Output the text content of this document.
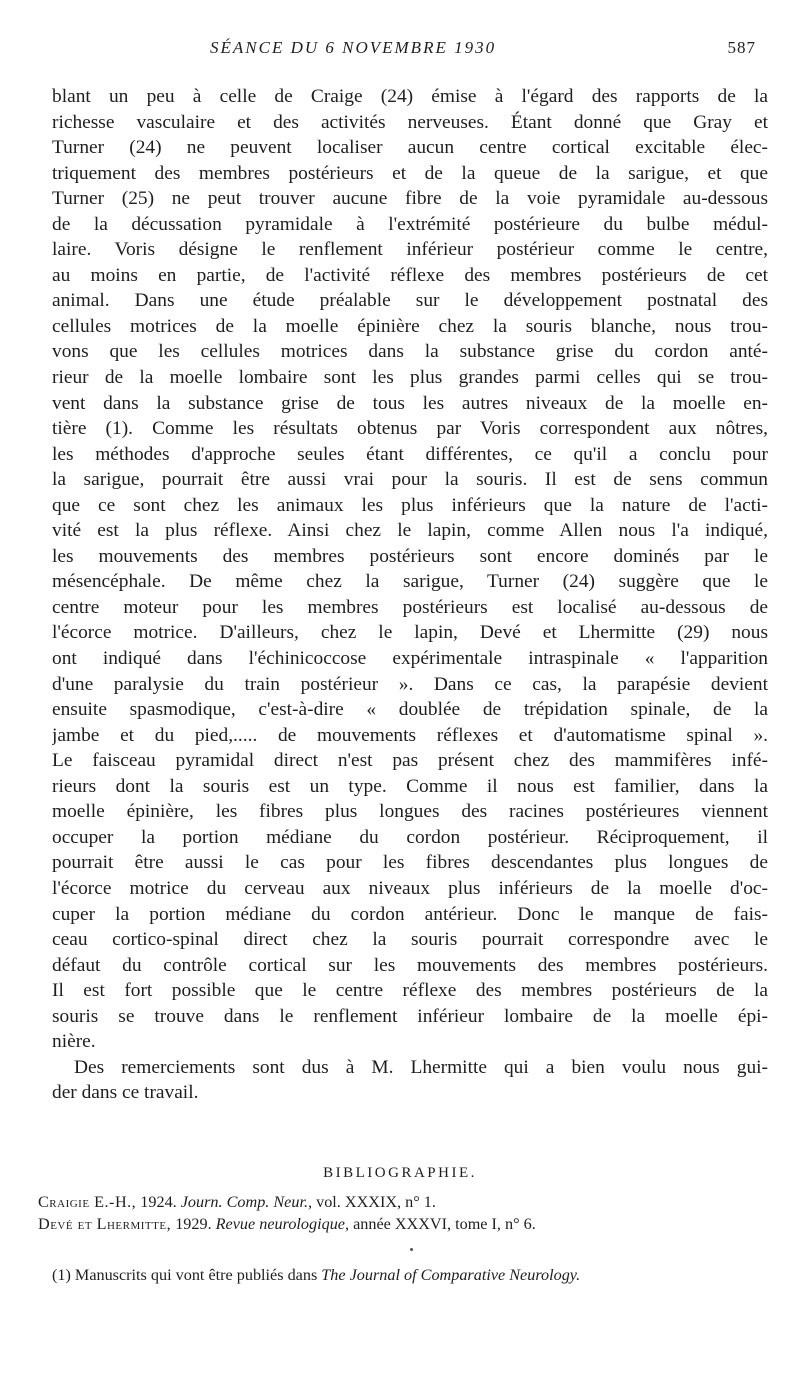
SÉANCE DU 6 NOVEMBRE 1930	587
blant un peu à celle de Craige (24) émise à l'égard des rapports de la
richesse vasculaire et des activités nerveuses. Étant donné que Gray et
Turner (24) ne peuvent localiser aucun centre cortical excitable élec-
triquement des membres postérieurs et de la queue de la sarigue, et que
Turner (25) ne peut trouver aucune fibre de la voie pyramidale au-dessous
de la décussation pyramidale à l'extrémité postérieure du bulbe médul-
laire. Voris désigne le renflement inférieur postérieur comme le centre,
au moins en partie, de l'activité réflexe des membres postérieurs de cet
animal. Dans une étude préalable sur le développement postnatal des
cellules motrices de la moelle épinière chez la souris blanche, nous trou-
vons que les cellules motrices dans la substance grise du cordon anté-
rieur de la moelle lombaire sont les plus grandes parmi celles qui se trou-
vent dans la substance grise de tous les autres niveaux de la moelle en-
tière (1). Comme les résultats obtenus par Voris correspondent aux nôtres,
les méthodes d'approche seules étant différentes, ce qu'il a conclu pour
la sarigue, pourrait être aussi vrai pour la souris. Il est de sens commun
que ce sont chez les animaux les plus inférieurs que la nature de l'acti-
vité est la plus réflexe. Ainsi chez le lapin, comme Allen nous l'a indiqué,
les mouvements des membres postérieurs sont encore dominés par le
mésencéphale. De même chez la sarigue, Turner (24) suggère que le
centre moteur pour les membres postérieurs est localisé au-dessous de
l'écorce motrice. D'ailleurs, chez le lapin, Devé et Lhermitte (29) nous
ont indiqué dans l'échinicoccose expérimentale intraspinale « l'apparition
d'une paralysie du train postérieur ». Dans ce cas, la parapésie devient
ensuite spasmodique, c'est-à-dire « doublée de trépidation spinale, de la
jambe et du pied,..... de mouvements réflexes et d'automatisme spinal ».
Le faisceau pyramidal direct n'est pas présent chez des mammifères infé-
rieurs dont la souris est un type. Comme il nous est familier, dans la
moelle épinière, les fibres plus longues des racines postérieures viennent
occuper la portion médiane du cordon postérieur. Réciproquement, il
pourrait être aussi le cas pour les fibres descendantes plus longues de
l'écorce motrice du cerveau aux niveaux plus inférieurs de la moelle d'oc-
cuper la portion médiane du cordon antérieur. Donc le manque de fais-
ceau cortico-spinal direct chez la souris pourrait correspondre avec le
défaut du contrôle cortical sur les mouvements des membres postérieurs.
Il est fort possible que le centre réflexe des membres postérieurs de la
souris se trouve dans le renflement inférieur lombaire de la moelle épi-
nière.
Des remerciements sont dus à M. Lhermitte qui a bien voulu nous gui-
der dans ce travail.
BIBLIOGRAPHIE.
Craigie E.-H., 1924. Journ. Comp. Neur., vol. XXXIX, n° 1.
Devé et Lhermitte, 1929. Revue neurologique, année XXXVI, tome I, n° 6.
(1) Manuscrits qui vont être publiés dans The Journal of Comparative Neurology.
